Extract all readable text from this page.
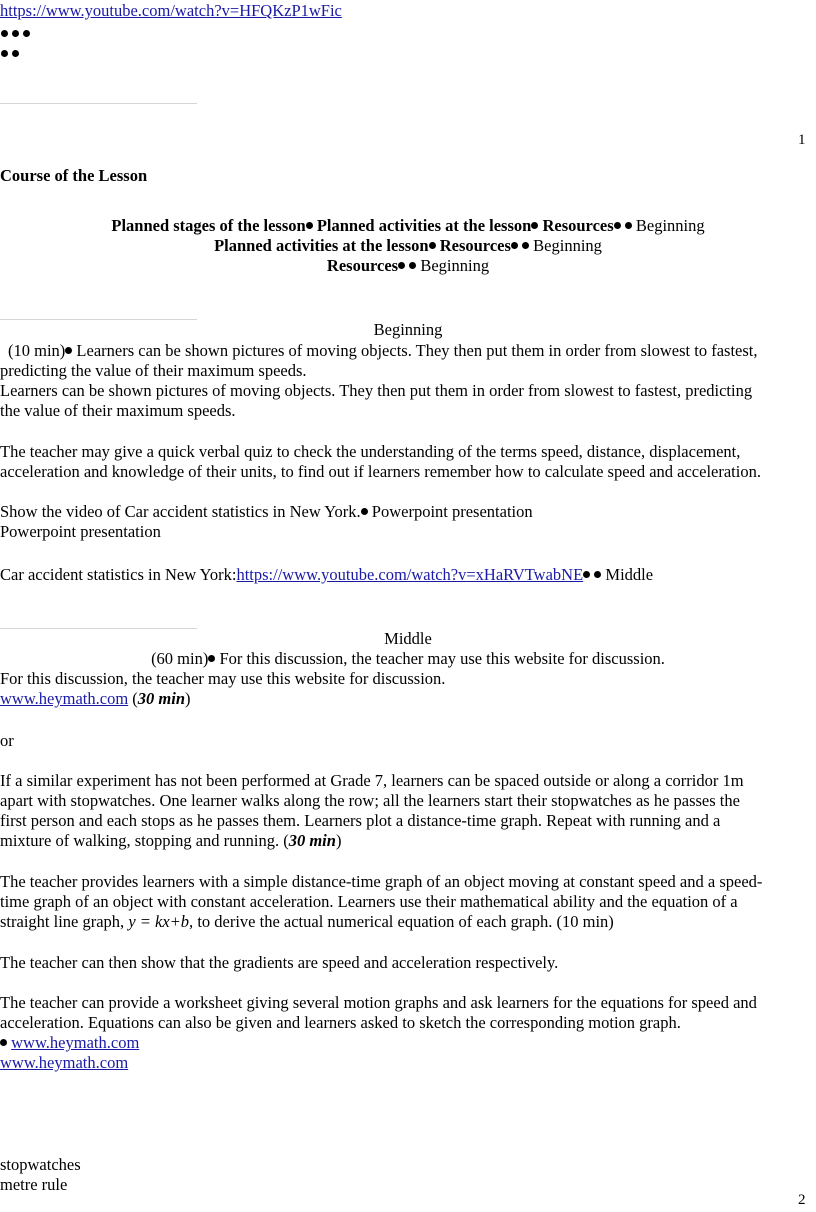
https://www.youtube.com/watch?v=HFQKzP1wFic

1
Course of the Lesson
Planned stages of the lesson Planned activities at the lesson Resources Beginning
Planned activities at the lesson Resources Beginning
Resources Beginning
Beginning
(10 min) Learners can be shown pictures of moving objects. They then put them in order from slowest to fastest,
predicting the value of their maximum speeds.
Learners can be shown pictures of moving objects. They then put them in order from slowest to fastest, predicting
the value of their maximum speeds.
The teacher may give a quick verbal quiz to check the understanding of the terms speed, distance, displacement,
acceleration and knowledge of their units, to find out if learners remember how to calculate speed and acceleration.
Show the video of Car accident statistics in New York. Powerpoint presentation
Powerpoint presentation
Car accident statistics in New York:https://www.youtube.com/watch?v=xHaRVTwabNE Middle
Middle
(60 min) For this discussion, the teacher may use this website for discussion.
For this discussion, the teacher may use this website for discussion.
www.heymath.com (30 min)
or
If a similar experiment has not been performed at Grade 7, learners can be spaced outside or along a corridor 1m
apart with stopwatches. One learner walks along the row; all the learners start their stopwatches as he passes the
first person and each stops as he passes them. Learners plot a distance-time graph. Repeat with running and a
mixture of walking, stopping and running. (30 min)
The teacher provides learners with a simple distance-time graph of an object moving at constant speed and a speed-
time graph of an object with constant acceleration. Learners use their mathematical ability and the equation of a
straight line graph, y = kx+b, to derive the actual numerical equation of each graph. (10 min)
The teacher can then show that the gradients are speed and acceleration respectively.
The teacher can provide a worksheet giving several motion graphs and ask learners for the equations for speed and
acceleration. Equations can also be given and learners asked to sketch the corresponding motion graph.
www.heymath.com
www.heymath.com
stopwatches
metre rule
2
